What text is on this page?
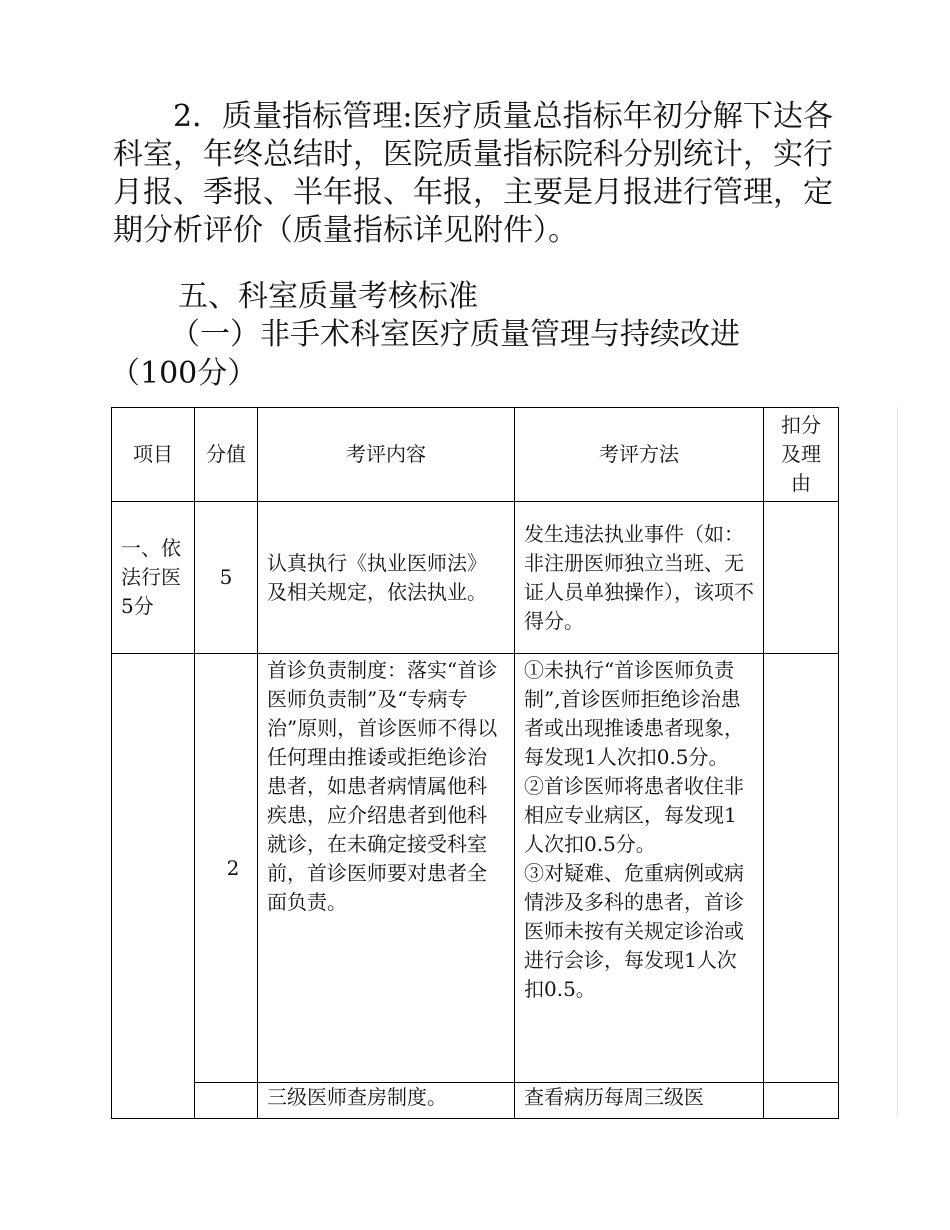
2．质量指标管理:医疗质量总指标年初分解下达各科室，年终总结时，医院质量指标院科分别统计，实行月报、季报、半年报、年报，主要是月报进行管理，定期分析评价（质量指标详见附件）。

五、科室质量考核标准

（一）非手术科室医疗质量管理与持续改进

（100分）

项目	分值	考评内容	考评方法	扣分及理由
一、依法行医5分	5	认真执行《执业医师法》及相关规定，依法执业。	发生违法执业事件（如：非注册医师独立当班、无证人员单独操作），该项不得分。	
	2	首诊负责制度：落实“首诊医师负责制”及“专病专治”原则，首诊医师不得以任何理由推诿或拒绝诊治患者，如患者病情属他科疾患，应介绍患者到他科就诊，在未确定接受科室前，首诊医师要对患者全面负责。	①未执行“首诊医师负责制”,首诊医师拒绝诊治患者或出现推诿患者现象，每发现1人次扣0.5分。
②首诊医师将患者收住非相应专业病区，每发现1人次扣0.5分。
③对疑难、危重病例或病情涉及多科的患者，首诊医师未按有关规定诊治或进行会诊，每发现1人次扣0.5。	

		三级医师查房制度。	查看病历每周三级医	
